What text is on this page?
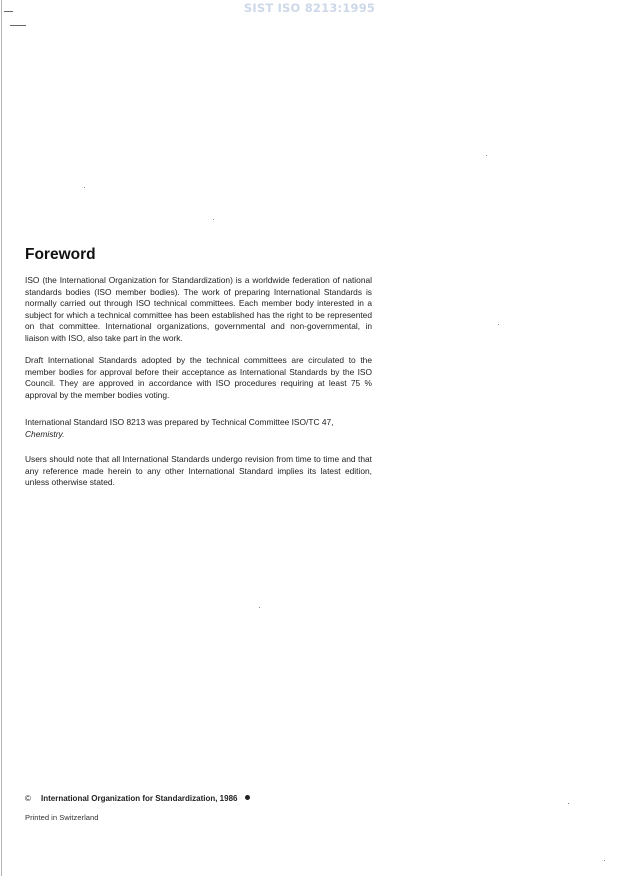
SIST ISO 8213:1995
Foreword

ISO (the International Organization for Standardization) is a worldwide federation of national standards bodies (ISO member bodies). The work of preparing International Standards is normally carried out through ISO technical committees. Each member body interested in a subject for which a technical committee has been established has the right to be represented on that committee. International organizations, governmental and non-governmental, in liaison with ISO, also take part in the work.

Draft International Standards adopted by the technical committees are circulated to the member bodies for approval before their acceptance as International Standards by the ISO Council. They are approved in accordance with ISO procedures requiring at least 75 % approval by the member bodies voting.

International Standard ISO 8213 was prepared by Technical Committee ISO/TC 47,
Chemistry.

Users should note that all International Standards undergo revision from time to time and that any reference made herein to any other International Standard implies its latest edition, unless otherwise stated.

© International Organization for Standardization, 1986
Printed in Switzerland
